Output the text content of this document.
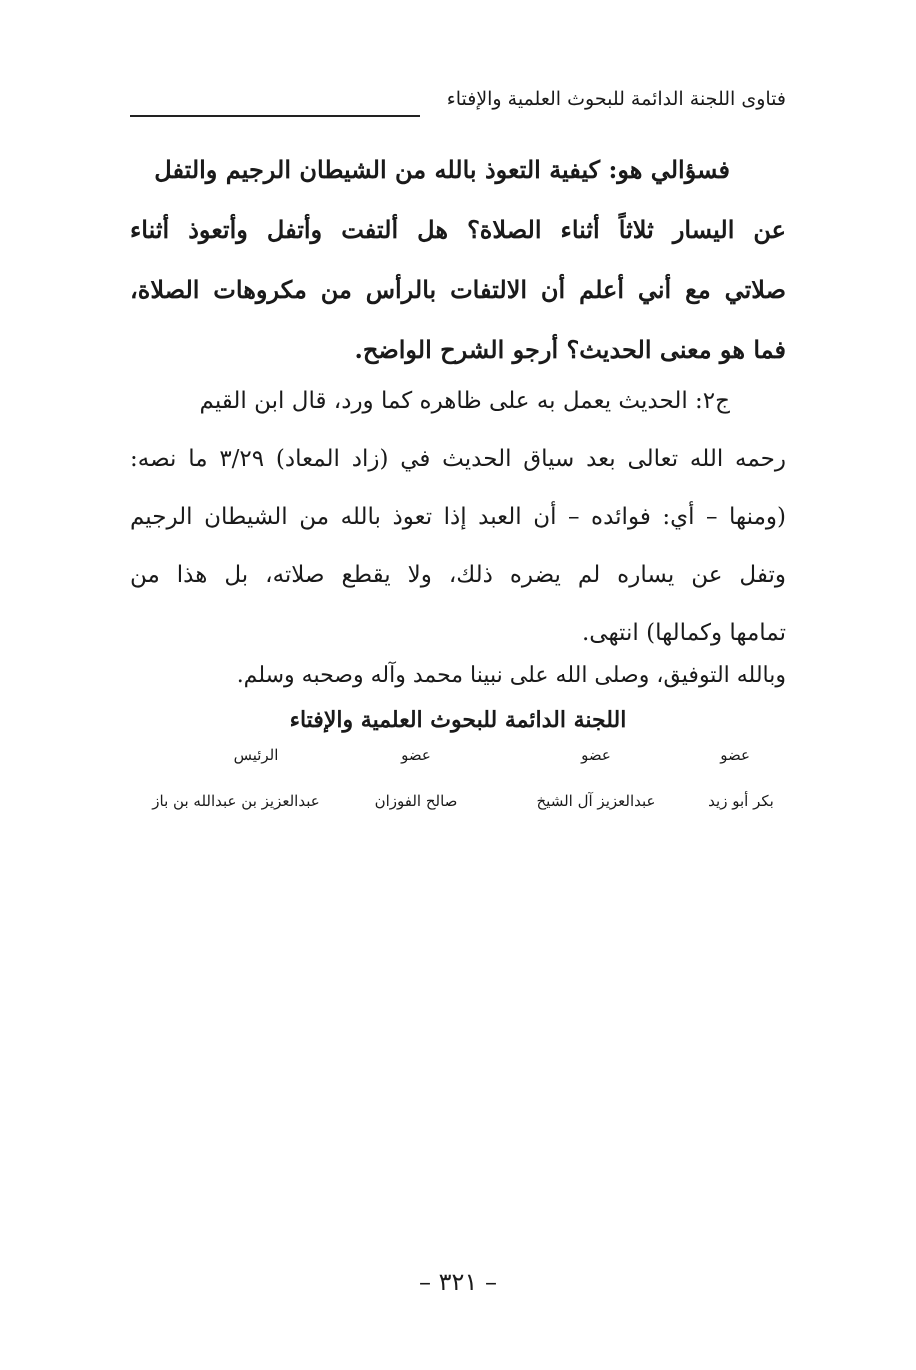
فتاوى اللجنة الدائمة للبحوث العلمية والإفتاء
فسؤالي هو: كيفية التعوذ بالله من الشيطان الرجيم والتفل
عن اليسار ثلاثاً أثناء الصلاة؟ هل ألتفت وأتفل وأتعوذ أثناء
صلاتي مع أني أعلم أن الالتفات بالرأس من مكروهات الصلاة،
فما هو معنى الحديث؟ أرجو الشرح الواضح.
ج٢: الحديث يعمل به على ظاهره كما ورد، قال ابن القيم
رحمه الله تعالى بعد سياق الحديث في (زاد المعاد) ٣/٢٩ ما نصه:
(ومنها – أي: فوائده – أن العبد إذا تعوذ بالله من الشيطان الرجيم
وتفل عن يساره لم يضره ذلك، ولا يقطع صلاته، بل هذا من
تمامها وكمالها) انتهى.
وبالله التوفيق، وصلى الله على نبينا محمد وآله وصحبه وسلم.
اللجنة الدائمة للبحوث العلمية والإفتاء
عضو
بكر أبو زيد
عضو
عبدالعزيز آل الشيخ
عضو
صالح الفوزان
الرئيس
عبدالعزيز بن عبدالله بن باز
– ٣٢١ –
